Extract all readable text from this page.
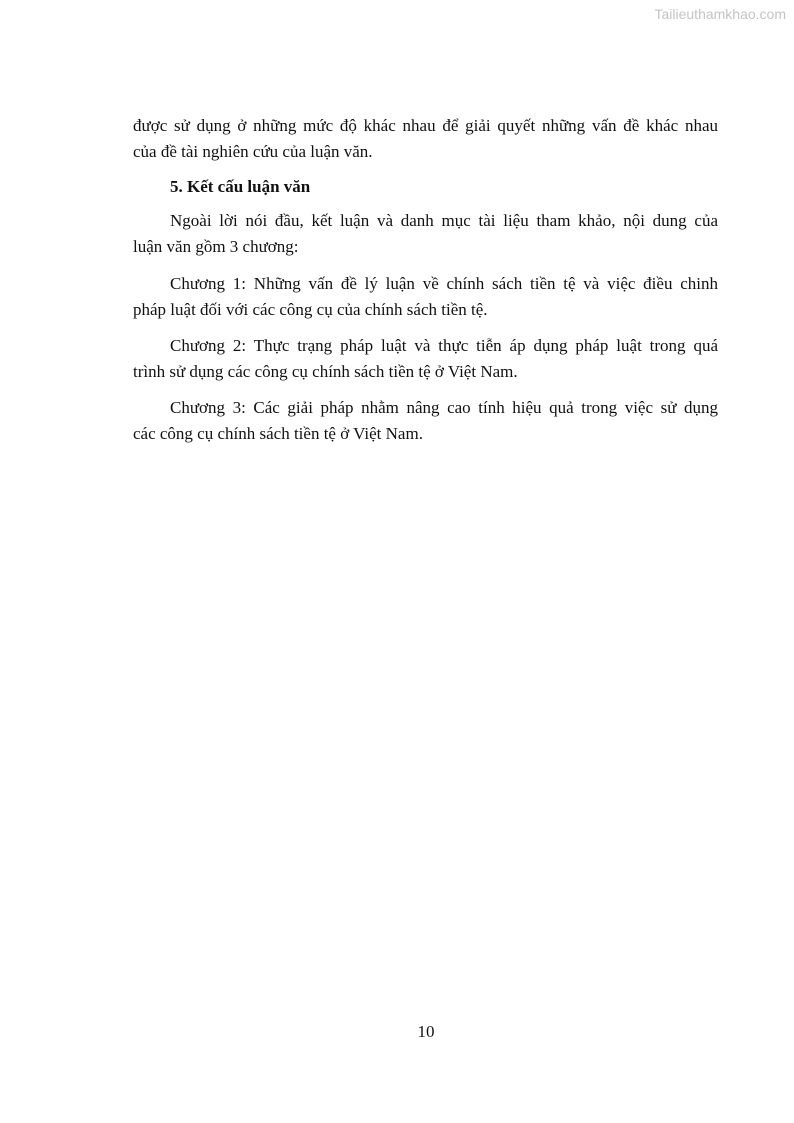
Tailieuthamkhao.com
được sử dụng ở những mức độ khác nhau để giải quyết những vấn đề khác nhau
của đề tài nghiên cứu của luận văn.
5. Kết cấu luận văn
Ngoài lời nói đầu, kết luận và danh mục tài liệu tham khảo, nội dung của
luận văn gồm 3 chương:
Chương 1: Những vấn đề lý luận về chính sách tiền tệ và việc điều chinh
pháp luật đối với các công cụ của chính sách tiền tệ.
Chương 2: Thực trạng pháp luật và thực tiễn áp dụng pháp luật trong quá
trình sử dụng các công cụ chính sách tiền tệ ở Việt Nam.
Chương 3: Các giải pháp nhằm nâng cao tính hiệu quả trong việc sử dụng
các công cụ chính sách tiền tệ ở Việt Nam.
10
